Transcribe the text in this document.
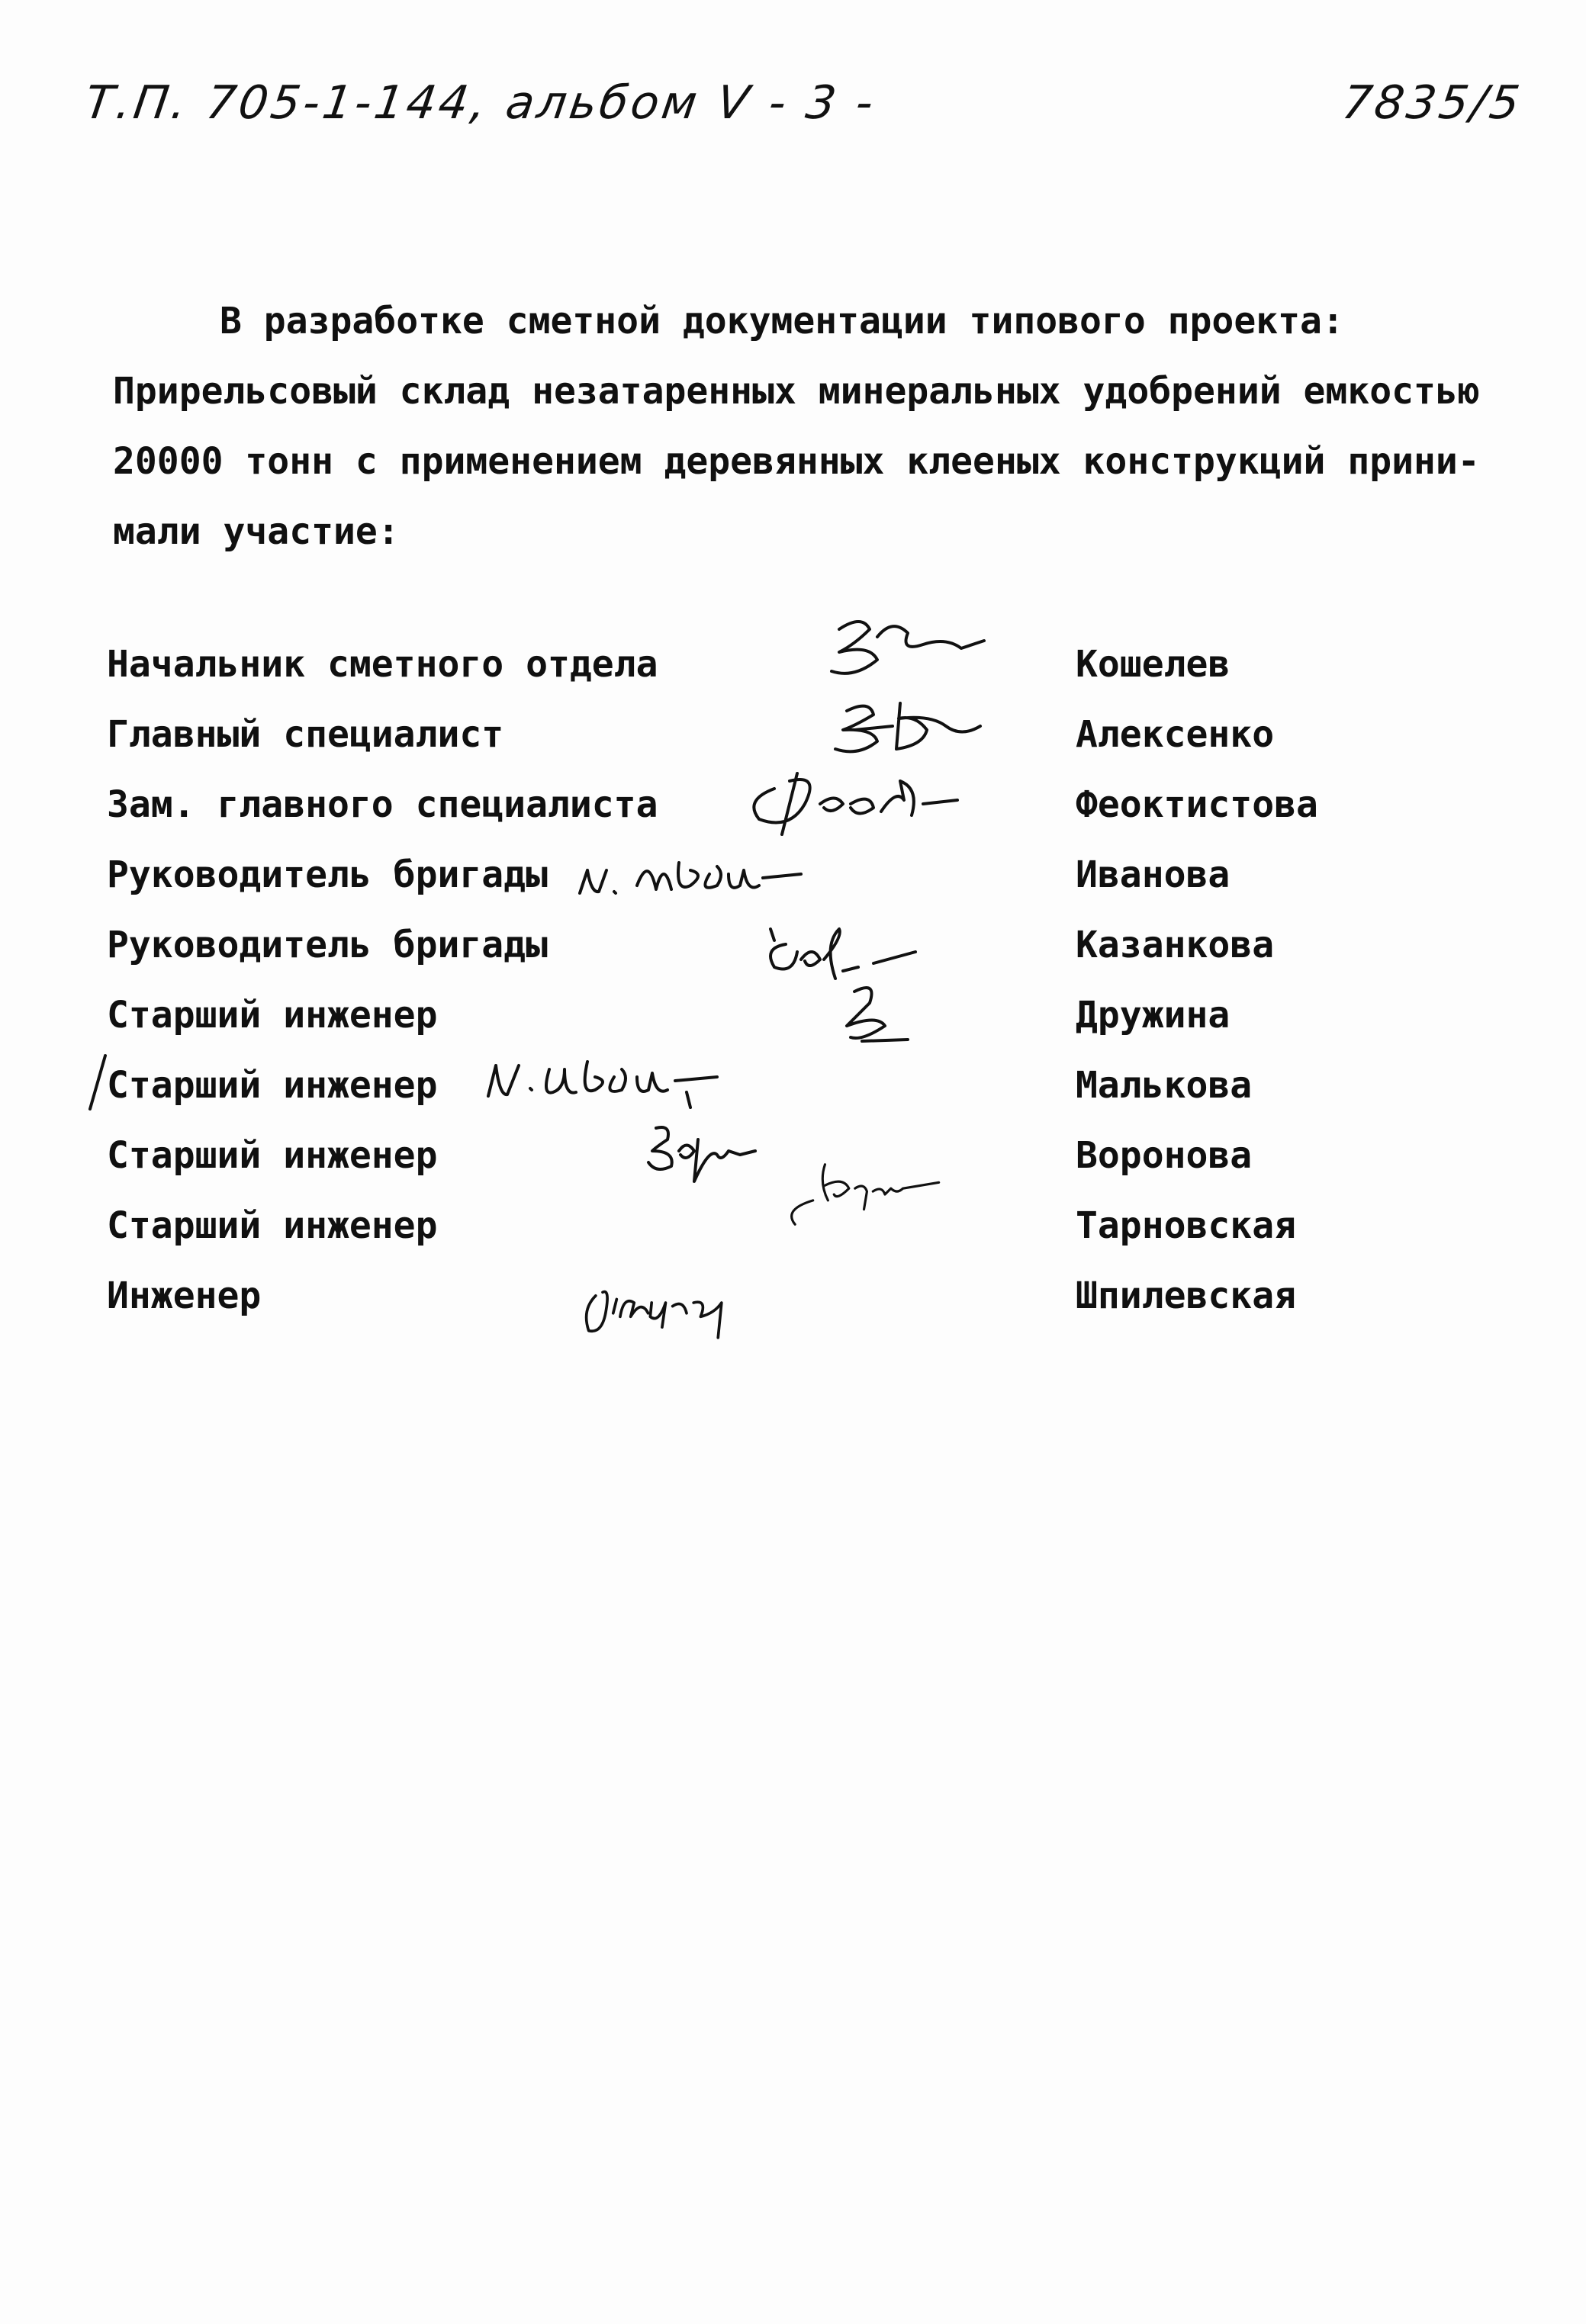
Т.П. 705-1-144, альбом V - 3 -	7835/5
В разработке сметной документации типового проекта:
Прирельсовый склад незатаренных минеральных удобрений емкостью
20000 тонн с применением деревянных клееных конструкций прини-
мали участие:
Начальник сметного отдела	Кошелев
Главный специалист	Алексенко
Зам. главного специалиста	Феоктистова
Руководитель бригады	Иванова
Руководитель бригады	Казанкова
Старший инженер	Дружина
Старший инженер	Малькова
Старший инженер	Воронова
Старший инженер	Тарновская
Инженер	Шпилевская
